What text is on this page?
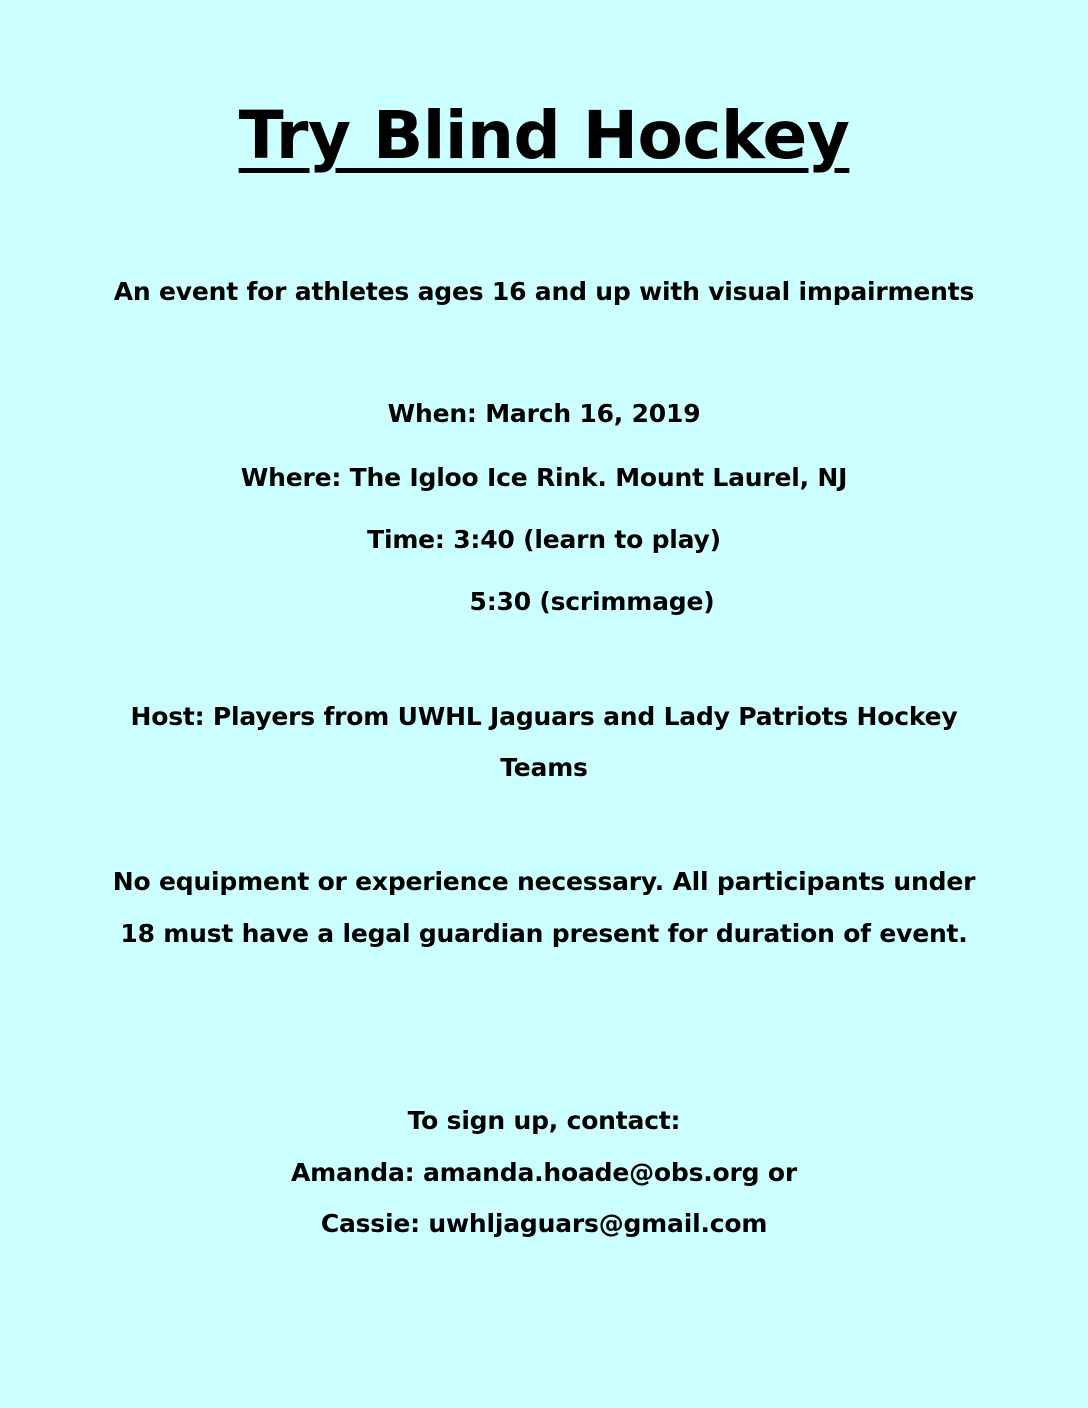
Try Blind Hockey
An event for athletes ages 16 and up with visual impairments
When: March 16, 2019
Where: The Igloo Ice Rink. Mount Laurel, NJ
Time: 3:40 (learn to play)
5:30 (scrimmage)
Host: Players from UWHL Jaguars and Lady Patriots Hockey
Teams
No equipment or experience necessary. All participants under
18 must have a legal guardian present for duration of event.
To sign up, contact:
Amanda: amanda.hoade@obs.org or
Cassie: uwhljaguars@gmail.com
